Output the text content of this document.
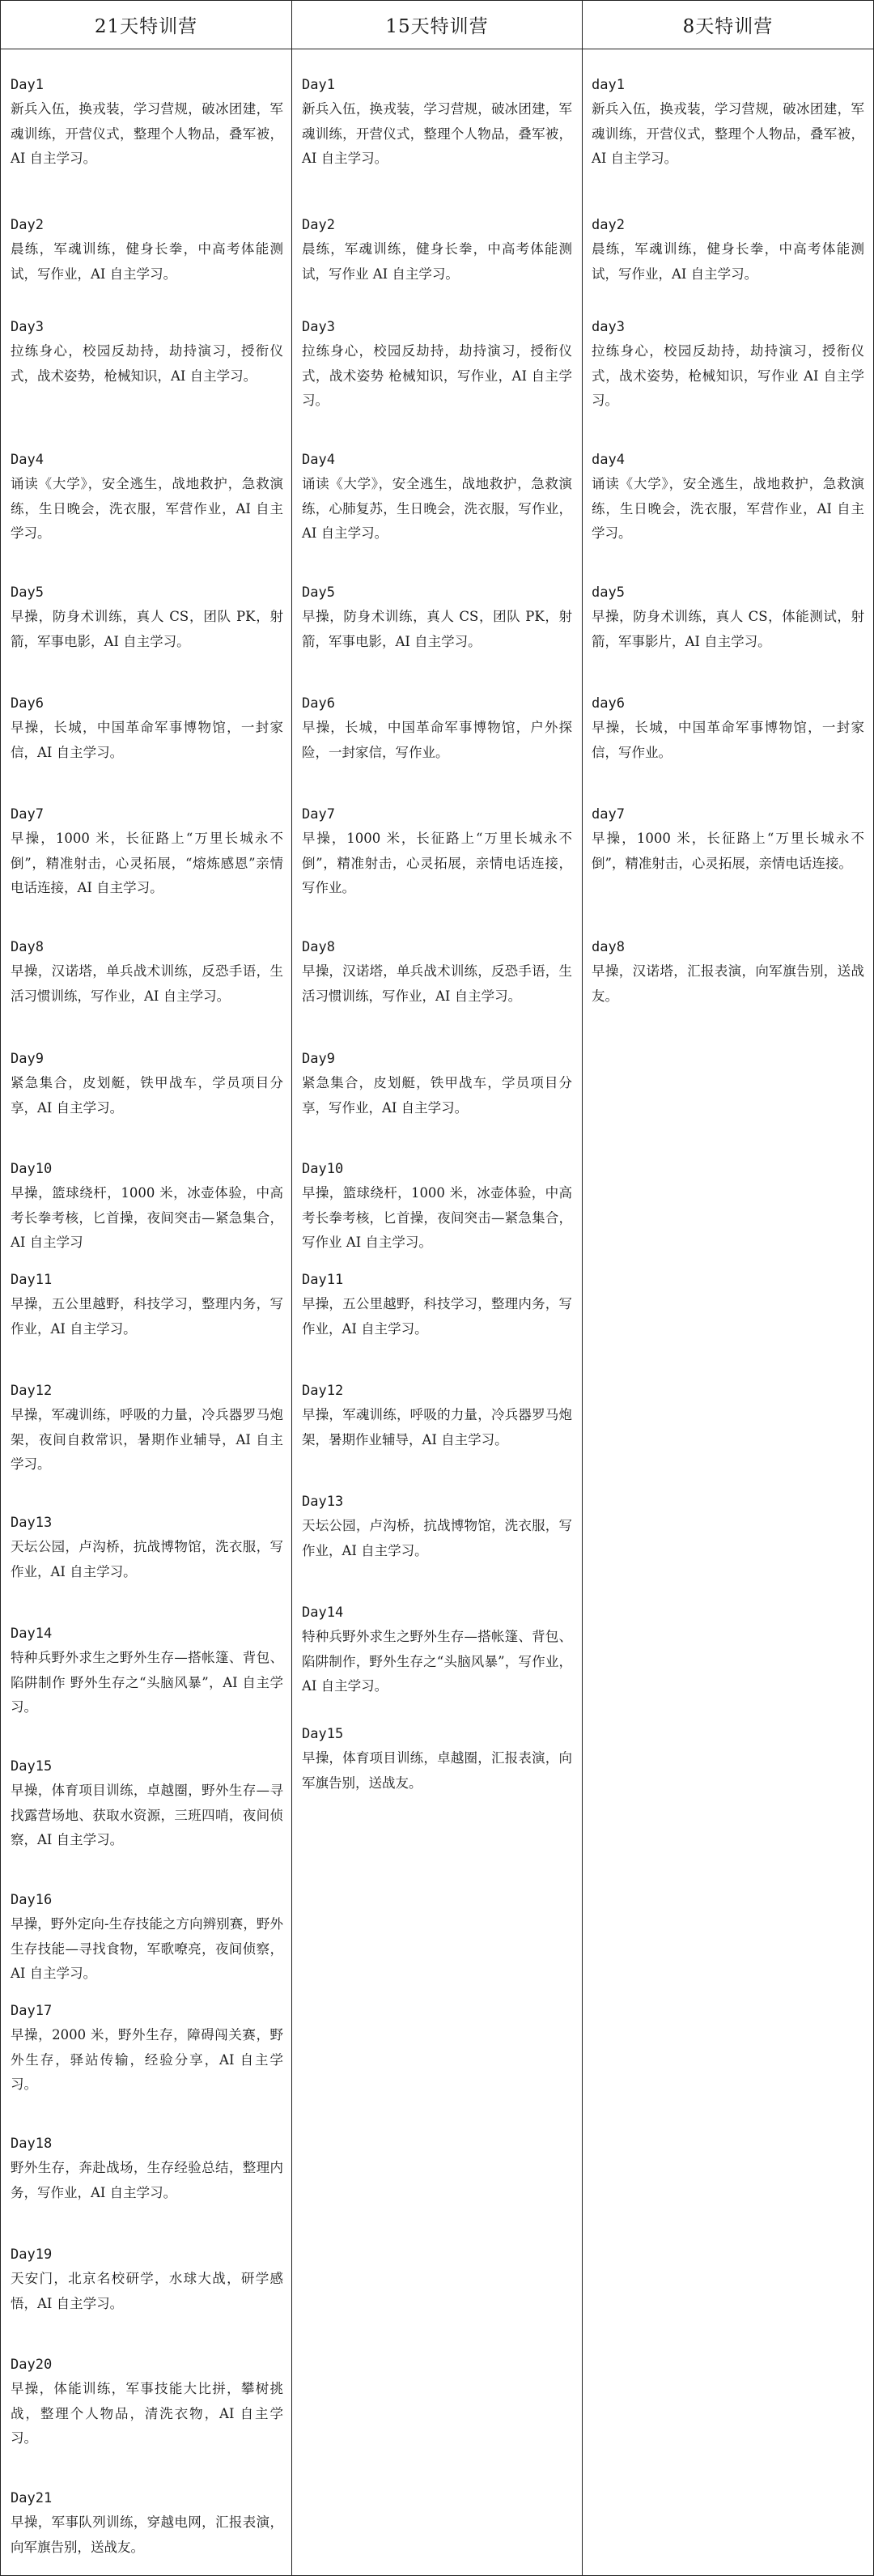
21天特训营	15天特训营	8天特训营
Day1
新兵入伍，换戎装，学习营规，破冰团建，军魂训练，开营仪式，整理个人物品，叠军被，AI 自主学习。
Day2
晨练，军魂训练，健身长拳，中高考体能测试，写作业，AI 自主学习。
Day3
拉练身心，校园反劫持，劫持演习，授衔仪式，战术姿势，枪械知识，AI 自主学习。
Day4
诵读《大学》，安全逃生，战地救护，急救演练，生日晚会，洗衣服，军营作业，AI 自主学习。
Day5
早操，防身术训练，真人 CS，团队 PK，射箭，军事电影，AI 自主学习。
Day6
早操，长城，中国革命军事博物馆，一封家信，AI 自主学习。
Day7
早操，1000 米，长征路上“万里长城永不倒”，精准射击，心灵拓展，“熔炼感恩”亲情电话连接，AI 自主学习。
Day8
早操，汉诺塔，单兵战术训练，反恐手语，生活习惯训练，写作业，AI 自主学习。
Day9
紧急集合，皮划艇，铁甲战车，学员项目分享，AI 自主学习。
Day10
早操，篮球绕杆，1000 米，冰壶体验，中高考长拳考核，匕首操，夜间突击—紧急集合，AI 自主学习
Day11
早操，五公里越野，科技学习，整理内务，写作业，AI 自主学习。
Day12
早操，军魂训练，呼吸的力量，冷兵器罗马炮架，夜间自救常识，暑期作业辅导，AI 自主学习。
Day13
天坛公园，卢沟桥，抗战博物馆，洗衣服，写作业，AI 自主学习。
Day14
特种兵野外求生之野外生存—搭帐篷、背包、陷阱制作 野外生存之“头脑风暴”，AI 自主学习。
Day15
早操，体育项目训练，卓越圈，野外生存—寻找露营场地、获取水资源，三班四哨，夜间侦察，AI 自主学习。
Day16
早操，野外定向-生存技能之方向辨别赛，野外生存技能—寻找食物，军歌嘹亮，夜间侦察，AI 自主学习。
Day17
早操，2000 米，野外生存，障碍闯关赛，野外生存，驿站传输，经验分享，AI 自主学习。
Day18
野外生存，奔赴战场，生存经验总结，整理内务，写作业，AI 自主学习。
Day19
天安门，北京名校研学，水球大战，研学感悟，AI 自主学习。
Day20
早操，体能训练，军事技能大比拼，攀树挑战，整理个人物品，清洗衣物，AI 自主学习。
Day21
早操，军事队列训练，穿越电网，汇报表演，向军旗告别，送战友。
Day1
新兵入伍，换戎装，学习营规，破冰团建，军魂训练，开营仪式，整理个人物品，叠军被，AI 自主学习。
Day2
晨练，军魂训练，健身长拳，中高考体能测试，写作业 AI 自主学习。
Day3
拉练身心，校园反劫持，劫持演习，授衔仪式，战术姿势 枪械知识，写作业，AI 自主学习。
Day4
诵读《大学》，安全逃生，战地救护，急救演练，心肺复苏，生日晚会，洗衣服，写作业，AI 自主学习。
Day5
早操，防身术训练，真人 CS，团队 PK，射箭，军事电影，AI 自主学习。
Day6
早操，长城，中国革命军事博物馆，户外探险，一封家信，写作业。
Day7
早操，1000 米，长征路上“万里长城永不倒”，精准射击，心灵拓展，亲情电话连接，写作业。
Day8
早操，汉诺塔，单兵战术训练，反恐手语，生活习惯训练，写作业，AI 自主学习。
Day9
紧急集合，皮划艇，铁甲战车，学员项目分享，写作业，AI 自主学习。
Day10
早操，篮球绕杆，1000 米，冰壶体验，中高考长拳考核，匕首操，夜间突击—紧急集合，写作业 AI 自主学习。
Day11
早操，五公里越野，科技学习，整理内务，写作业，AI 自主学习。
Day12
早操，军魂训练，呼吸的力量，冷兵器罗马炮架，暑期作业辅导，AI 自主学习。
Day13
天坛公园，卢沟桥，抗战博物馆，洗衣服，写作业，AI 自主学习。
Day14
特种兵野外求生之野外生存—搭帐篷、背包、陷阱制作，野外生存之“头脑风暴”，写作业，AI 自主学习。
Day15
早操，体育项目训练，卓越圈，汇报表演，向军旗告别，送战友。
day1
新兵入伍，换戎装，学习营规，破冰团建，军魂训练，开营仪式，整理个人物品，叠军被，AI 自主学习。
day2
晨练，军魂训练，健身长拳，中高考体能测试，写作业，AI 自主学习。
day3
拉练身心，校园反劫持，劫持演习，授衔仪式，战术姿势，枪械知识，写作业 AI 自主学习。
day4
诵读《大学》，安全逃生，战地救护，急救演练，生日晚会，洗衣服，军营作业，AI 自主学习。
day5
早操，防身术训练，真人 CS，体能测试，射箭，军事影片，AI 自主学习。
day6
早操，长城，中国革命军事博物馆，一封家信，写作业。
day7
早操，1000 米，长征路上“万里长城永不倒”，精准射击，心灵拓展，亲情电话连接。
day8
早操，汉诺塔，汇报表演，向军旗告别，送战友。
